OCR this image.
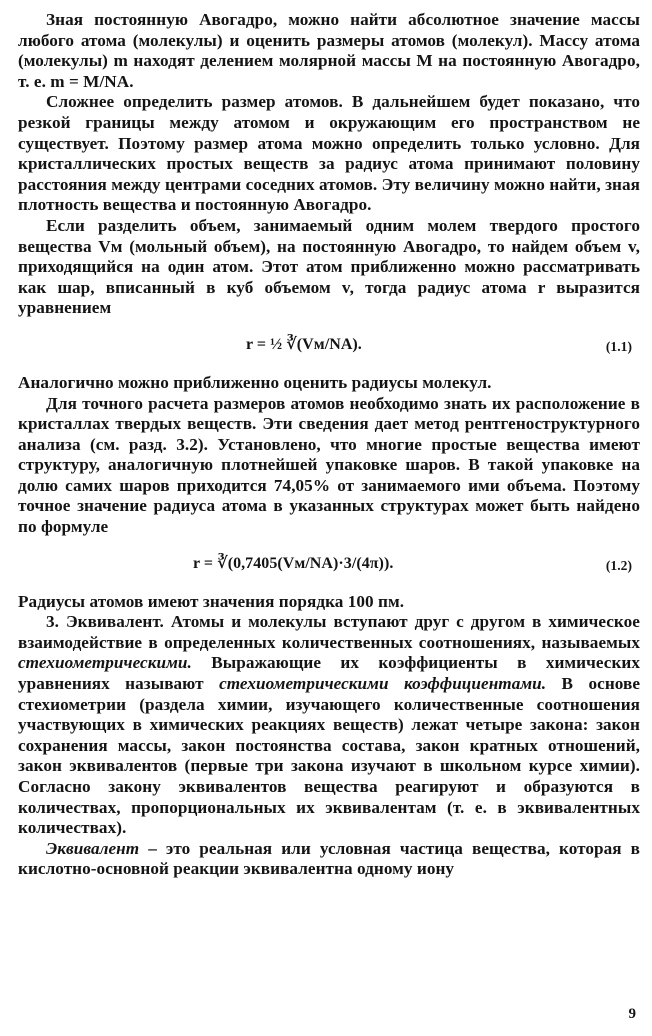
Зная постоянную Авогадро, можно найти абсолютное значение массы любого атома (молекулы) и оценить размеры атомов (молекул). Массу атома (молекулы) m находят делением молярной массы M на постоянную Авогадро, т. е. m = M/NA.

Сложнее определить размер атомов. В дальнейшем будет показано, что резкой границы между атомом и окружающим его пространством не существует. Поэтому размер атома можно определить только условно. Для кристаллических простых веществ за радиус атома принимают половину расстояния между центрами соседних атомов. Эту величину можно найти, зная плотность вещества и постоянную Авогадро.

Если разделить объем, занимаемый одним молем твердого простого вещества Vм (мольный объем), на постоянную Авогадро, то найдем объем v, приходящийся на один атом. Этот атом приближенно можно рассматривать как шар, вписанный в куб объемом v, тогда радиус атома r выразится уравнением

r = ½ ∛(Vм/NA).	(1.1)

Аналогично можно приближенно оценить радиусы молекул.

Для точного расчета размеров атомов необходимо знать их расположение в кристаллах твердых веществ. Эти сведения дает метод рентгеноструктурного анализа (см. разд. 3.2). Установлено, что многие простые вещества имеют структуру, аналогичную плотнейшей упаковке шаров. В такой упаковке на долю самих шаров приходится 74,05% от занимаемого ими объема. Поэтому точное значение радиуса атома в указанных структурах может быть найдено по формуле

r = ∛(0,7405(Vм/NA)·3/(4π)).	(1.2)

Радиусы атомов имеют значения порядка 100 пм.

3. Эквивалент. Атомы и молекулы вступают друг с другом в химическое взаимодействие в определенных количественных соотношениях, называемых стехиометрическими. Выражающие их коэффициенты в химических уравнениях называют стехиометрическими коэффициентами. В основе стехиометрии (раздела химии, изучающего количественные соотношения участвующих в химических реакциях веществ) лежат четыре закона: закон сохранения массы, закон постоянства состава, закон кратных отношений, закон эквивалентов (первые три закона изучают в школьном курсе химии). Согласно закону эквивалентов вещества реагируют и образуются в количествах, пропорциональных их эквивалентам (т. е. в эквивалентных количествах).

Эквивалент – это реальная или условная частица вещества, которая в кислотно-основной реакции эквивалентна одному иону

9
